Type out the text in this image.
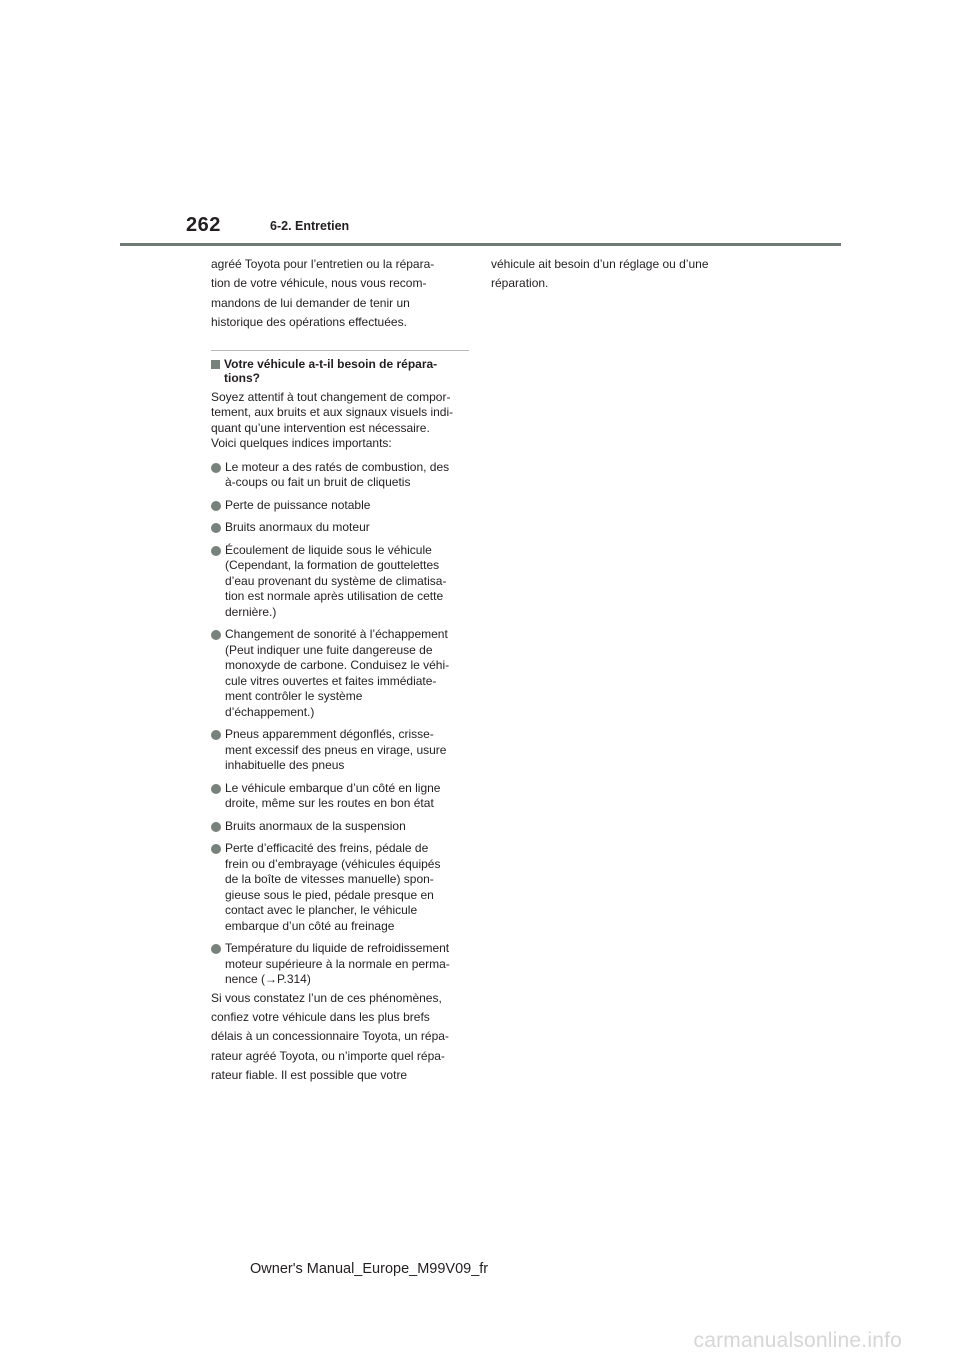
262	6-2. Entretien
agréé Toyota pour l’entretien ou la répara-
tion de votre véhicule, nous vous recom-
mandons de lui demander de tenir un
historique des opérations effectuées.
Votre véhicule a-t-il besoin de répara-
tions?
Soyez attentif à tout changement de compor-
tement, aux bruits et aux signaux visuels indi-
quant qu’une intervention est nécessaire.
Voici quelques indices importants:
Le moteur a des ratés de combustion, des
à-coups ou fait un bruit de cliquetis
Perte de puissance notable
Bruits anormaux du moteur
Écoulement de liquide sous le véhicule
(Cependant, la formation de gouttelettes
d’eau provenant du système de climatisa-
tion est normale après utilisation de cette
dernière.)
Changement de sonorité à l’échappement
(Peut indiquer une fuite dangereuse de
monoxyde de carbone. Conduisez le véhi-
cule vitres ouvertes et faites immédiate-
ment contrôler le système
d’échappement.)
Pneus apparemment dégonflés, crisse-
ment excessif des pneus en virage, usure
inhabituelle des pneus
Le véhicule embarque d’un côté en ligne
droite, même sur les routes en bon état
Bruits anormaux de la suspension
Perte d’efficacité des freins, pédale de
frein ou d’embrayage (véhicules équipés
de la boîte de vitesses manuelle) spon-
gieuse sous le pied, pédale presque en
contact avec le plancher, le véhicule
embarque d’un côté au freinage
Température du liquide de refroidissement
moteur supérieure à la normale en perma-
nence (→P.314)
Si vous constatez l’un de ces phénomènes,
confiez votre véhicule dans les plus brefs
délais à un concessionnaire Toyota, un répa-
rateur agréé Toyota, ou n’importe quel répa-
rateur fiable. Il est possible que votre
véhicule ait besoin d’un réglage ou d’une
réparation.
Owner's Manual_Europe_M99V09_fr
carmanualsonline.info
